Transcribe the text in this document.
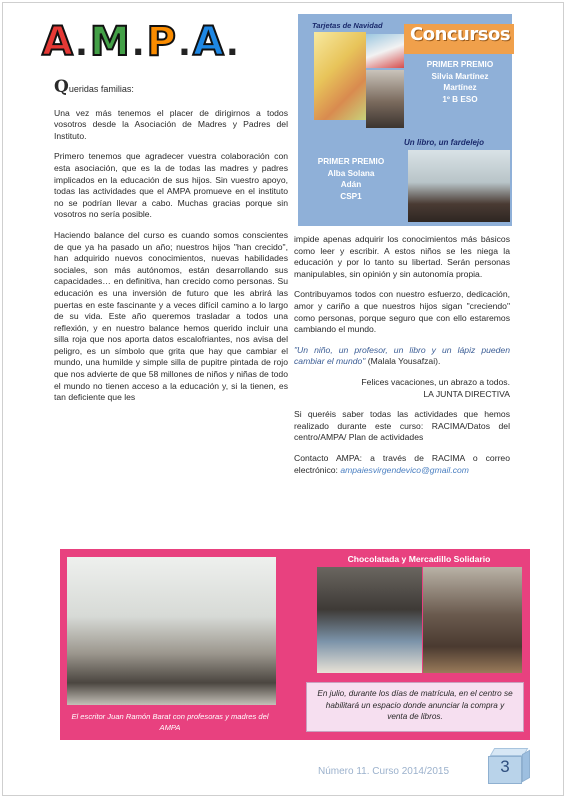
A.M.P.A.

Queridas familias:

Una vez más tenemos el placer de dirigirnos a todos vosotros desde la Asociación de Madres y Padres del Instituto.

Primero tenemos que agradecer vuestra colaboración con esta asociación, que es la de todas las madres y padres implicados en la educación de sus hijos. Sin vuestro apoyo, todas las actividades que el AMPA promueve en el instituto no se podrían llevar a cabo. Muchas gracias porque sin vosotros no sería posible.

Haciendo balance del curso es cuando somos conscientes de que ya ha pasado un año; nuestros hijos "han crecido", han adquirido nuevos conocimientos, nuevas habilidades sociales, son más autónomos, están desarrollando sus capacidades… en definitiva, han crecido como personas. Su educación es una inversión de futuro que les abrirá las puertas en este fascinante y a veces difícil camino a lo largo de su vida. Este año queremos trasladar a todos una reflexión, y en nuestro balance hemos querido incluir una silla roja que nos aporta datos escalofriantes, nos avisa del peligro, es un símbolo que grita que hay que cambiar el mundo, una humilde y simple silla de pupitre pintada de rojo que nos advierte de que 58 millones de niños y niñas de todo el mundo no tienen acceso a la educación y, si la tienen, es tan deficiente que les

Concursos
Tarjetas de Navidad
PRIMER PREMIO
Silvia Martínez
Martínez
1º B ESO
Un libro, un fardelejo
PRIMER PREMIO
Alba Solana
Adán
CSP1

impide apenas adquirir los conocimientos más básicos como leer y escribir. A estos niños se les niega la educación y por lo tanto su libertad. Serán personas manipulables, sin opinión y sin autonomía propia.

Contribuyamos todos con nuestro esfuerzo, dedicación, amor y cariño a que nuestros hijos sigan "creciendo" como personas, porque seguro que con ello estaremos cambiando el mundo.

"Un niño, un profesor, un libro y un lápiz pueden cambiar el mundo" (Malala Yousafzai).

Felices vacaciones, un abrazo a todos.
LA JUNTA DIRECTIVA

Si queréis saber todas las actividades que hemos realizado durante este curso: RACIMA/Datos del centro/AMPA/ Plan de actividades

Contacto AMPA: a través de RACIMA o correo electrónico: ampaiesvirgendevico@gmail.com

El escritor Juan Ramón Barat con profesoras y madres del AMPA
Chocolatada y Mercadillo Solidario
En julio, durante los días de matrícula, en el centro se habilitará un espacio donde anunciar la compra y venta de libros.
Número 11. Curso 2014/2015	3
